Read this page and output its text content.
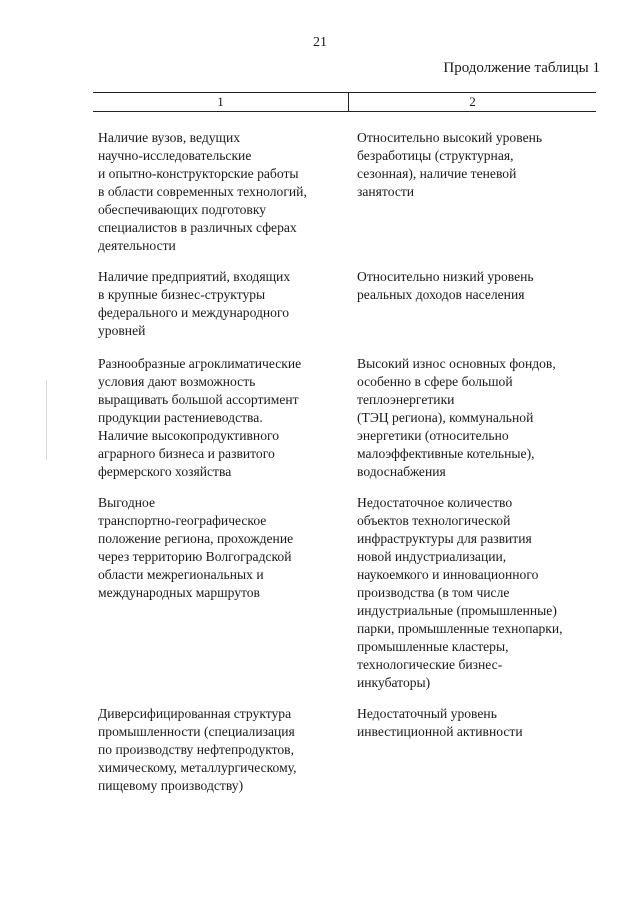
21
Продолжение таблицы 1
1	2
Наличие вузов, ведущих
научно-исследовательские
и опытно-конструкторские работы
в области современных технологий,
обеспечивающих подготовку
специалистов в различных сферах
деятельности
Относительно высокий уровень
безработицы (структурная,
сезонная), наличие теневой
занятости
Наличие предприятий, входящих
в крупные бизнес-структуры
федерального и международного
уровней
Относительно низкий уровень
реальных доходов населения
Разнообразные агроклиматические
условия дают возможность
выращивать большой ассортимент
продукции растениеводства.
Наличие высокопродуктивного
аграрного бизнеса и развитого
фермерского хозяйства
Высокий износ основных фондов,
особенно в сфере большой
теплоэнергетики
(ТЭЦ региона), коммунальной
энергетики (относительно
малоэффективные котельные),
водоснабжения
Выгодное
транспортно-географическое
положение региона, прохождение
через территорию Волгоградской
области межрегиональных и
международных маршрутов
Недостаточное количество
объектов технологической
инфраструктуры для развития
новой индустриализации,
наукоемкого и инновационного
производства (в том числе
индустриальные (промышленные)
парки, промышленные технопарки,
промышленные кластеры,
технологические бизнес-
инкубаторы)
Диверсифицированная структура
промышленности (специализация
по производству нефтепродуктов,
химическому, металлургическому,
пищевому производству)
Недостаточный уровень
инвестиционной активности
